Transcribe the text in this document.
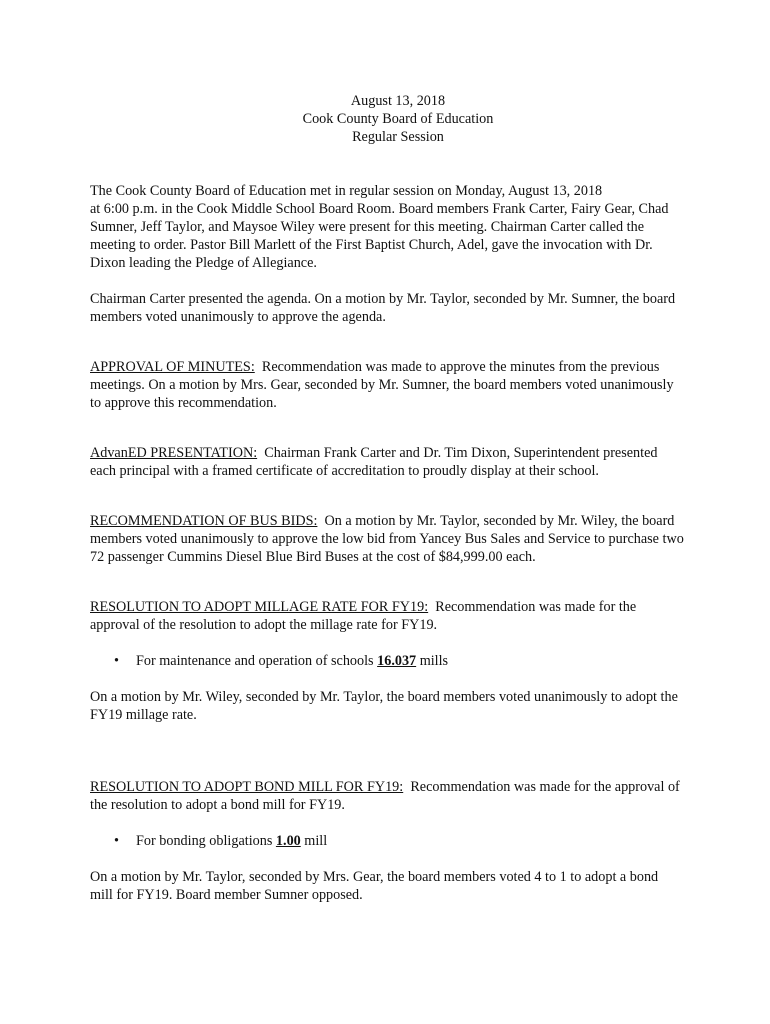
August 13, 2018
Cook County Board of Education
Regular Session
The Cook County Board of Education met in regular session on Monday, August 13, 2018
at 6:00 p.m. in the Cook Middle School Board Room. Board members Frank Carter, Fairy Gear, Chad
Sumner, Jeff Taylor, and Maysoe Wiley were present for this meeting. Chairman Carter called the
meeting to order. Pastor Bill Marlett of the First Baptist Church, Adel, gave the invocation with Dr.
Dixon leading the Pledge of Allegiance.
Chairman Carter presented the agenda. On a motion by Mr. Taylor, seconded by Mr. Sumner, the board
members voted unanimously to approve the agenda.
APPROVAL OF MINUTES:  Recommendation was made to approve the minutes from the previous
meetings. On a motion by Mrs. Gear, seconded by Mr. Sumner, the board members voted unanimously
to approve this recommendation.
AdvanED PRESENTATION:  Chairman Frank Carter and Dr. Tim Dixon, Superintendent presented
each principal with a framed certificate of accreditation to proudly display at their school.
RECOMMENDATION OF BUS BIDS:  On a motion by Mr. Taylor, seconded by Mr. Wiley, the board
members voted unanimously to approve the low bid from Yancey Bus Sales and Service to purchase two
72 passenger Cummins Diesel Blue Bird Buses at the cost of $84,999.00 each.
RESOLUTION TO ADOPT MILLAGE RATE FOR FY19:  Recommendation was made for the
approval of the resolution to adopt the millage rate for FY19.
• For maintenance and operation of schools 16.037 mills
On a motion by Mr. Wiley, seconded by Mr. Taylor, the board members voted unanimously to adopt the
FY19 millage rate.
RESOLUTION TO ADOPT BOND MILL FOR FY19:  Recommendation was made for the approval of
the resolution to adopt a bond mill for FY19.
• For bonding obligations 1.00 mill
On a motion by Mr. Taylor, seconded by Mrs. Gear, the board members voted 4 to 1 to adopt a bond
mill for FY19. Board member Sumner opposed.
